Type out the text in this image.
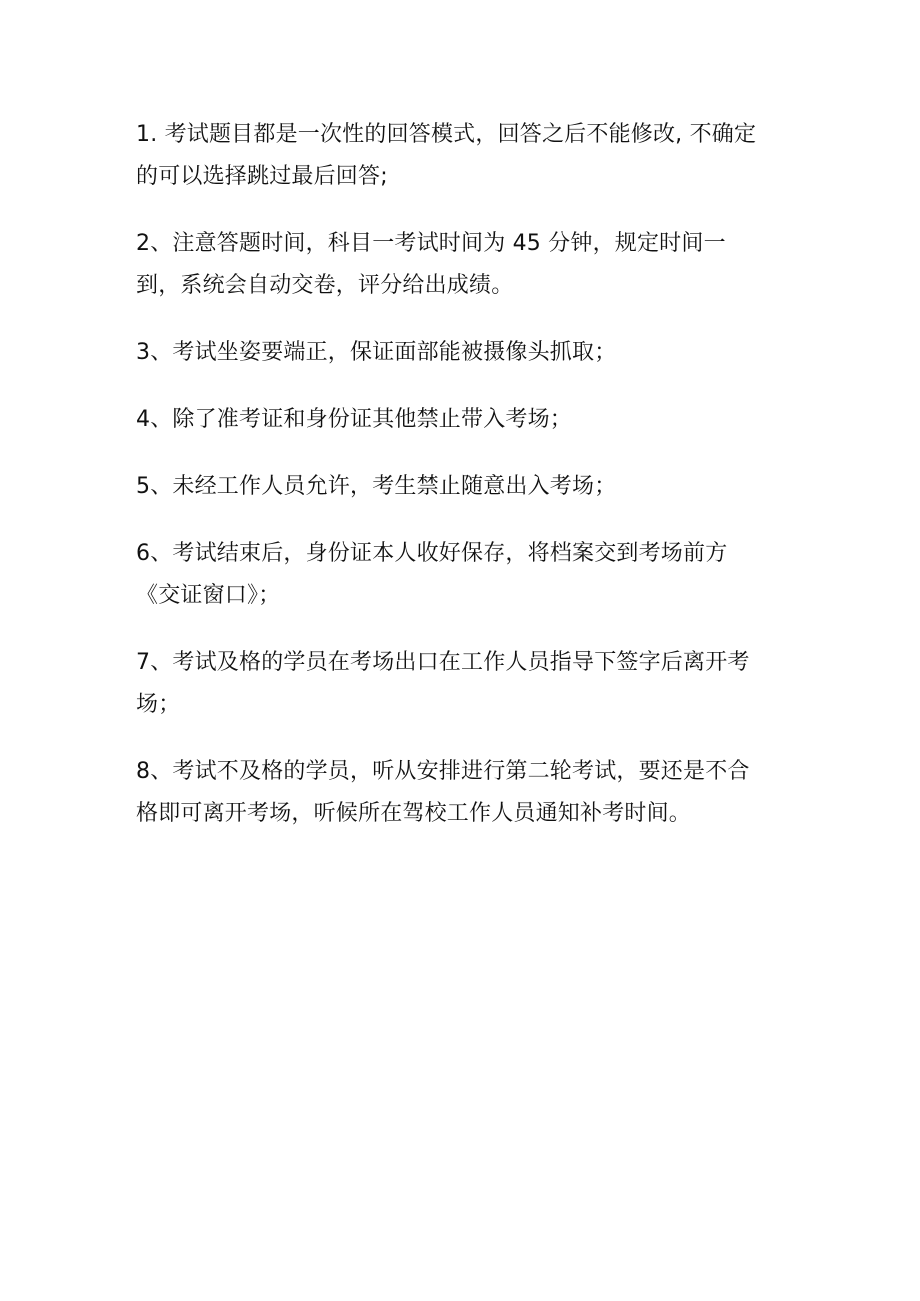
1. 考试题目都是一次性的回答模式，回答之后不能修改, 不确定
的可以选择跳过最后回答;
2、注意答题时间，科目一考试时间为 45 分钟，规定时间一
到，系统会自动交卷，评分给出成绩。
3、考试坐姿要端正，保证面部能被摄像头抓取；
4、除了准考证和身份证其他禁止带入考场；
5、未经工作人员允许，考生禁止随意出入考场；
6、考试结束后，身份证本人收好保存，将档案交到考场前方
《交证窗口》；
7、考试及格的学员在考场出口在工作人员指导下签字后离开考
场；
8、考试不及格的学员，听从安排进行第二轮考试，要还是不合
格即可离开考场，听候所在驾校工作人员通知补考时间。
